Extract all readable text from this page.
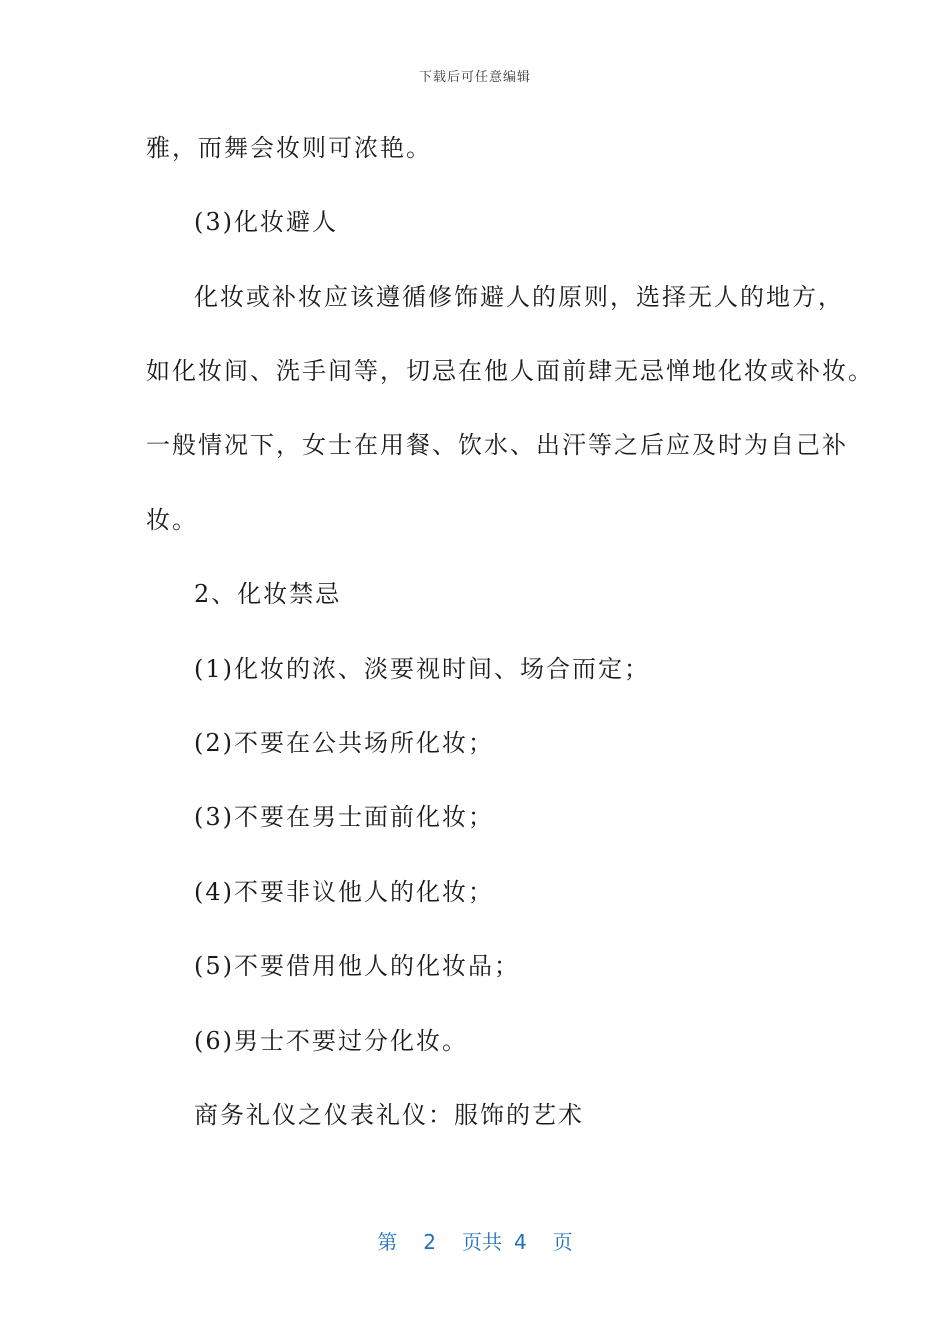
下载后可任意编辑
雅，而舞会妆则可浓艳。
(3)化妆避人
化妆或补妆应该遵循修饰避人的原则，选择无人的地方，
如化妆间、洗手间等，切忌在他人面前肆无忌惮地化妆或补妆。
一般情况下，女士在用餐、饮水、出汗等之后应及时为自己补
妆。
2、化妆禁忌
(1)化妆的浓、淡要视时间、场合而定；
(2)不要在公共场所化妆；
(3)不要在男士面前化妆；
(4)不要非议他人的化妆；
(5)不要借用他人的化妆品；
(6)男士不要过分化妆。
商务礼仪之仪表礼仪：服饰的艺术
第 2 页共 4 页
